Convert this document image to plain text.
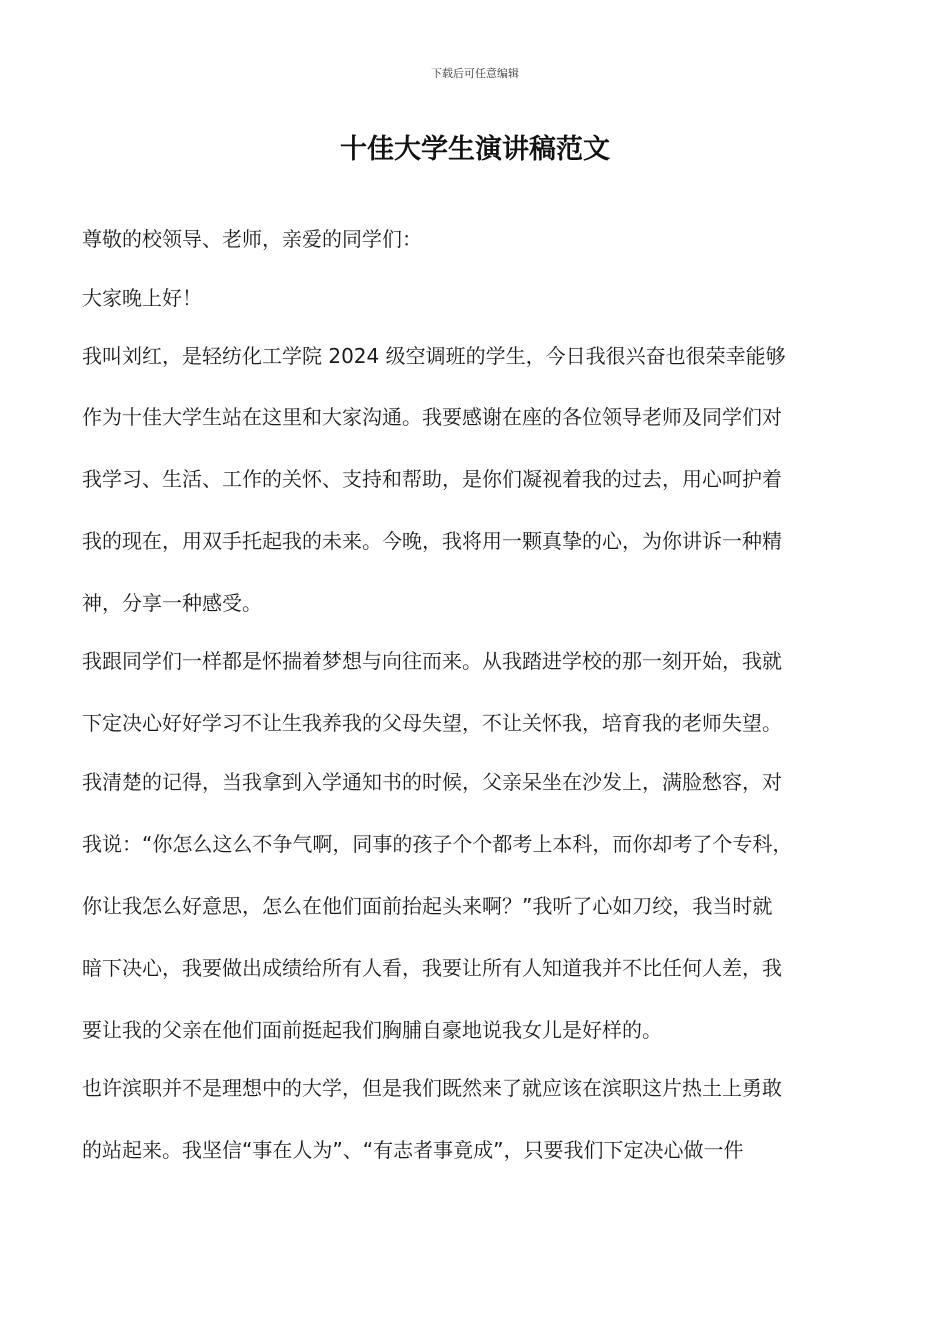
下载后可任意编辑
十佳大学生演讲稿范文
尊敬的校领导、老师，亲爱的同学们：
大家晚上好！
我叫刘红，是轻纺化工学院 2024 级空调班的学生，今日我很兴奋也很荣幸能够
作为十佳大学生站在这里和大家沟通。我要感谢在座的各位领导老师及同学们对
我学习、生活、工作的关怀、支持和帮助，是你们凝视着我的过去，用心呵护着
我的现在，用双手托起我的未来。今晚，我将用一颗真挚的心，为你讲诉一种精
神，分享一种感受。
我跟同学们一样都是怀揣着梦想与向往而来。从我踏进学校的那一刻开始，我就
下定决心好好学习不让生我养我的父母失望，不让关怀我，培育我的老师失望。
我清楚的记得，当我拿到入学通知书的时候，父亲呆坐在沙发上，满脸愁容，对
我说：“你怎么这么不争气啊，同事的孩子个个都考上本科，而你却考了个专科，
你让我怎么好意思，怎么在他们面前抬起头来啊？”我听了心如刀绞，我当时就
暗下决心，我要做出成绩给所有人看，我要让所有人知道我并不比任何人差，我
要让我的父亲在他们面前挺起我们胸脯自豪地说我女儿是好样的。
也许滨职并不是理想中的大学，但是我们既然来了就应该在滨职这片热土上勇敢
的站起来。我坚信“事在人为”、“有志者事竟成”，只要我们下定决心做一件
